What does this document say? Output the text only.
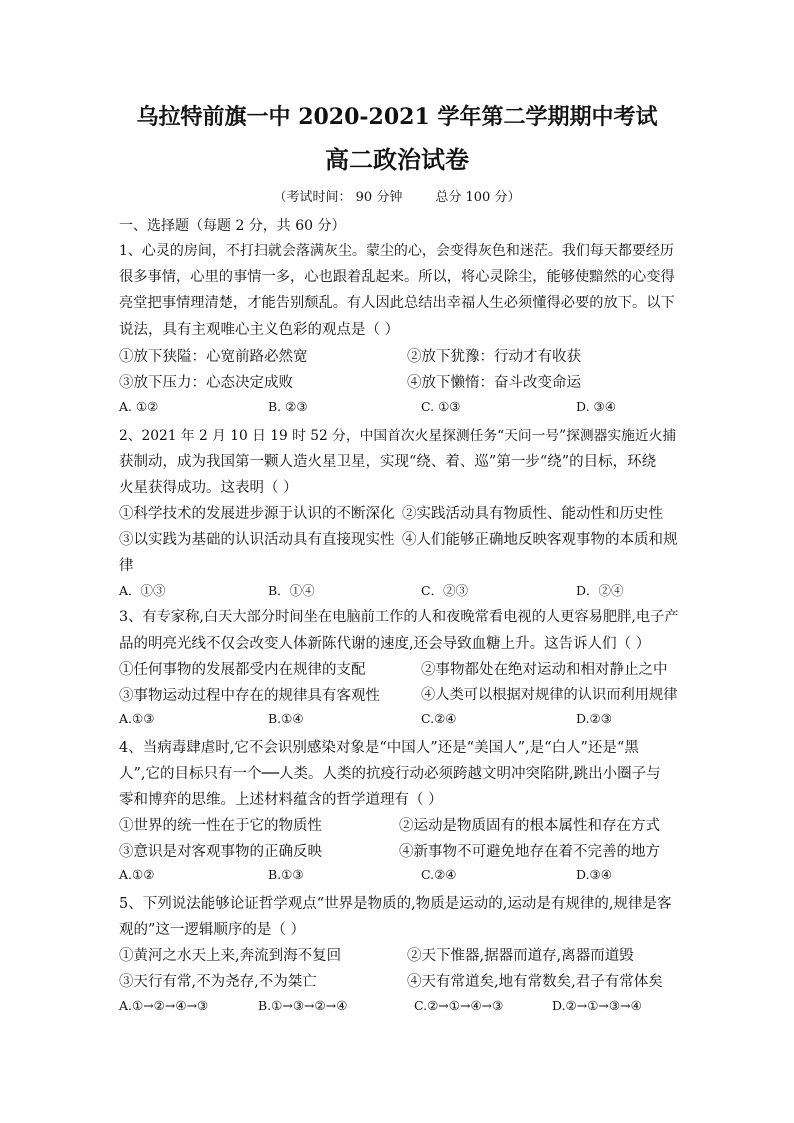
乌拉特前旗一中 2020-2021 学年第二学期期中考试
高二政治试卷
（考试时间： 90 分钟        总分 100 分）
一、选择题（每题 2 分，共 60 分）
1、心灵的房间，不打扫就会落满灰尘。蒙尘的心，会变得灰色和迷茫。我们每天都要经历
很多事情，心里的事情一多，心也跟着乱起来。所以，将心灵除尘，能够使黯然的心变得
亮堂把事情理清楚，才能告别颓乱。有人因此总结出幸福人生必须懂得必要的放下。以下
说法，具有主观唯心主义色彩的观点是（ ）
①放下狭隘：心宽前路必然宽	②放下犹豫：行动才有收获
③放下压力：心态决定成败	④放下懒惰：奋斗改变命运
A. ①②	B. ②③	C. ①③	D. ③④
2、2021 年 2 月 10 日 19 时 52 分，中国首次火星探测任务“天问一号”探测器实施近火捕
获制动，成为我国第一颗人造火星卫星，实现“绕、着、巡”第一步“绕”的目标，环绕
火星获得成功。这表明（ ）
①科学技术的发展进步源于认识的不断深化 ②实践活动具有物质性、能动性和历史性
③以实践为基础的认识活动具有直接现实性 ④人们能够正确地反映客观事物的本质和规
律
A．①③	B．①④	C．②③	D．②④
3、有专家称,白天大部分时间坐在电脑前工作的人和夜晚常看电视的人更容易肥胖,电子产
品的明亮光线不仅会改变人体新陈代谢的速度,还会导致血糖上升。这告诉人们（ ）
①任何事物的发展都受内在规律的支配	②事物都处在绝对运动和相对静止之中
③事物运动过程中存在的规律具有客观性	④人类可以根据对规律的认识而利用规律
A.①③	B.①④	C.②④	D.②③
4、当病毒肆虐时,它不会识别感染对象是“中国人”还是“美国人”,是“白人”还是“黑
人”,它的目标只有一个──人类。人类的抗疫行动必须跨越文明冲突陷阱,跳出小圈子与
零和博弈的思维。上述材料蕴含的哲学道理有（ ）
①世界的统一性在于它的物质性	②运动是物质固有的根本属性和存在方式
③意识是对客观事物的正确反映	④新事物不可避免地存在着不完善的地方
A.①②	B.①③	C.②④	D.③④
5、下列说法能够论证哲学观点“世界是物质的,物质是运动的,运动是有规律的,规律是客
观的”这一逻辑顺序的是（ ）
①黄河之水天上来,奔流到海不复回	②天下惟器,据器而道存,离器而道毁
③天行有常,不为尧存,不为桀亡	④天有常道矣,地有常数矣,君子有常体矣
A.①→②→④→③	B.①→③→②→④	C.②→①→④→③	D.②→①→③→④
